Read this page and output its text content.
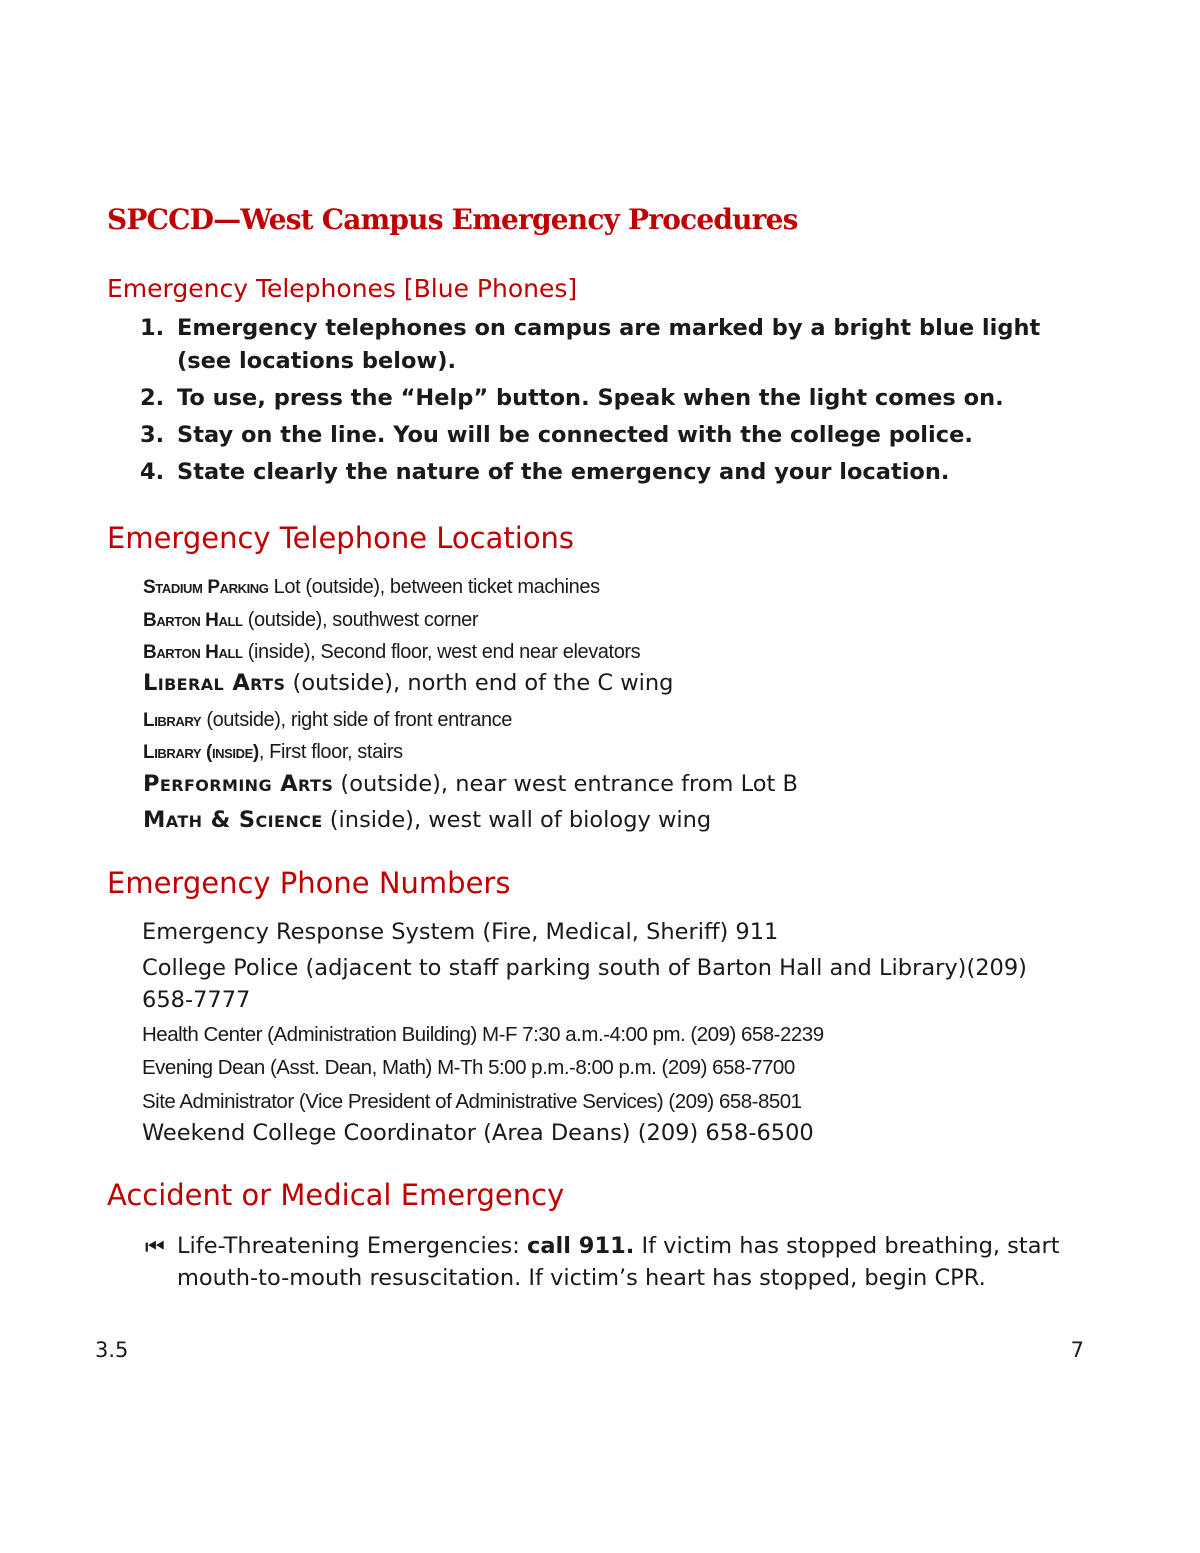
SPCCD—West Campus Emergency Procedures
Emergency Telephones [Blue Phones]
1. Emergency telephones on campus are marked by a bright blue light (see locations below).
2. To use, press the “Help” button. Speak when the light comes on.
3. Stay on the line. You will be connected with the college police.
4. State clearly the nature of the emergency and your location.
Emergency Telephone Locations

Stadium Parking Lot (outside), between ticket machines

Barton Hall (outside), southwest corner

Barton Hall (inside), Second floor, west end near elevators

Liberal Arts (outside), north end of the C wing

Library (outside), right side of front entrance

Library (inside), First floor, stairs

Performing Arts (outside), near west entrance from Lot B

Math & Science (inside), west wall of biology wing

Emergency Phone Numbers

Emergency Response System (Fire, Medical, Sheriff) 911

College Police (adjacent to staff parking south of Barton Hall and Library)(209) 658-7777

Health Center (Administration Building) M-F 7:30 a.m.-4:00 pm. (209) 658-2239

Evening Dean (Asst. Dean, Math) M-Th 5:00 p.m.-8:00 p.m. (209) 658-7700

Site Administrator (Vice President of Administrative Services) (209) 658-8501

Weekend College Coordinator (Area Deans) (209) 658-6500

Accident or Medical Emergency
⏮ Life-Threatening Emergencies: call 911. If victim has stopped breathing, start mouth-to-mouth resuscitation. If victim’s heart has stopped, begin CPR.

3.5	7
